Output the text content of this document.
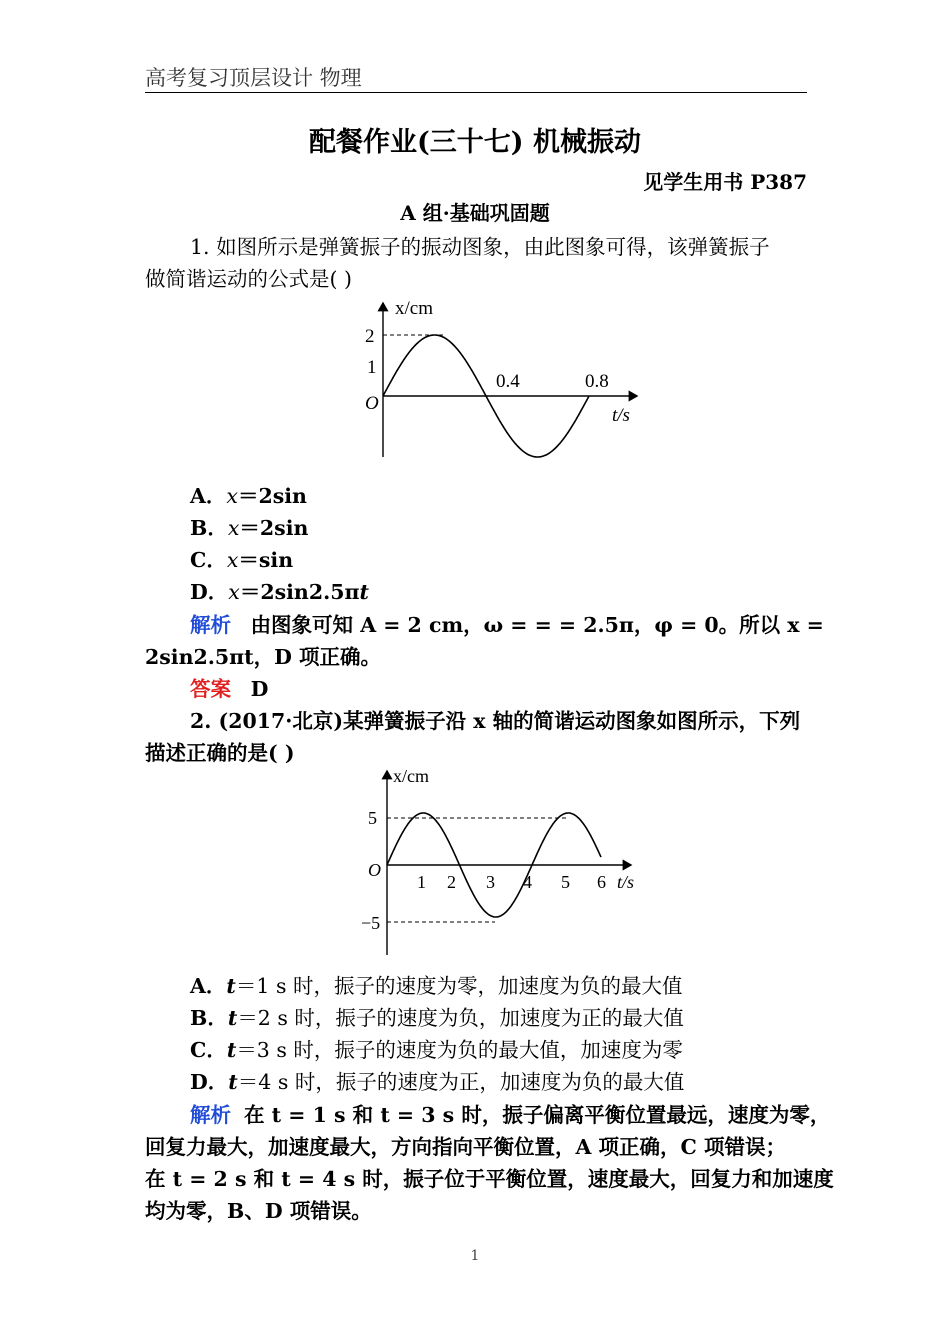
高考复习顶层设计 物理
配餐作业(三十七) 机械振动
见学生用书 P387
A 组·基础巩固题
1. 如图所示是弹簧振子的振动图象，由此图象可得，该弹簧振子
做简谐运动的公式是( )
x/cm
2
1
O
0.4	0.8
t/s
A．x＝2sin
B．x＝2sin
C．x＝sin
D．x＝2sin2.5πt
解析 由图象可知 A = 2 cm，ω = = = 2.5π，φ = 0。所以 x =
2sin2.5πt，D 项正确。
答案 D
2. (2017·北京)某弹簧振子沿 x 轴的简谐运动图象如图所示，下列
描述正确的是( )
x/cm
5
−5
O
1 2 3 4 5 6 t/s
A．t＝1 s 时，振子的速度为零，加速度为负的最大值
B．t＝2 s 时，振子的速度为负，加速度为正的最大值
C．t＝3 s 时，振子的速度为负的最大值，加速度为零
D．t＝4 s 时，振子的速度为正，加速度为负的最大值
解析 在 t = 1 s 和 t = 3 s 时，振子偏离平衡位置最远，速度为零，
回复力最大，加速度最大，方向指向平衡位置，A 项正确，C 项错误；
在 t = 2 s 和 t = 4 s 时，振子位于平衡位置，速度最大，回复力和加速度
均为零，B、D 项错误。
1
